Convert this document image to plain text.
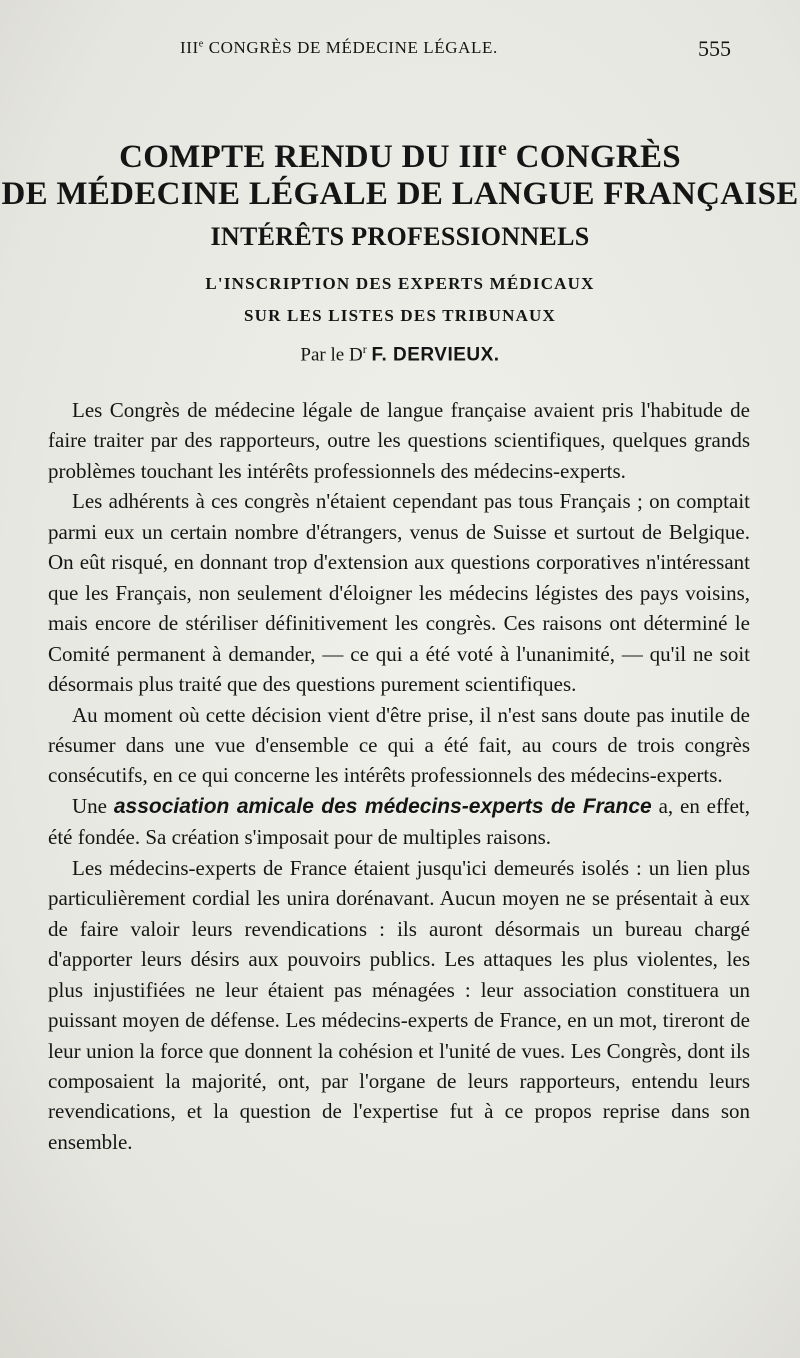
IIIe CONGRÈS DE MÉDECINE LÉGALE.	555
COMPTE RENDU DU IIIe CONGRÈS
DE MÉDECINE LÉGALE DE LANGUE FRANÇAISE
INTÉRÊTS PROFESSIONNELS
L'INSCRIPTION DES EXPERTS MÉDICAUX
SUR LES LISTES DES TRIBUNAUX
Par le $D^r$ F. DERVIEUX.

Les Congrès de médecine légale de langue française avaient pris l'habitude de faire traiter par des rapporteurs, outre les questions scientifiques, quelques grands problèmes touchant les intérêts professionnels des médecins-experts.

Les adhérents à ces congrès n'étaient cependant pas tous Français ; on comptait parmi eux un certain nombre d'étrangers, venus de Suisse et surtout de Belgique. On eût risqué, en donnant trop d'extension aux questions corporatives n'intéressant que les Français, non seulement d'éloigner les médecins légistes des pays voisins, mais encore de stériliser définitivement les congrès. Ces raisons ont déterminé le Comité permanent à demander, — ce qui a été voté à l'unanimité, — qu'il ne soit désormais plus traité que des questions purement scientifiques.

Au moment où cette décision vient d'être prise, il n'est sans doute pas inutile de résumer dans une vue d'ensemble ce qui a été fait, au cours de trois congrès consécutifs, en ce qui concerne les intérêts professionnels des médecins-experts.

Une association amicale des médecins-experts de France a, en effet, été fondée. Sa création s'imposait pour de multiples raisons.

Les médecins-experts de France étaient jusqu'ici demeurés isolés : un lien plus particulièrement cordial les unira dorénavant. Aucun moyen ne se présentait à eux de faire valoir leurs revendications : ils auront désormais un bureau chargé d'apporter leurs désirs aux pouvoirs publics. Les attaques les plus violentes, les plus injustifiées ne leur étaient pas ménagées : leur association constituera un puissant moyen de défense. Les médecins-experts de France, en un mot, tireront de leur union la force que donnent la cohésion et l'unité de vues. Les Congrès, dont ils composaient la majorité, ont, par l'organe de leurs rapporteurs, entendu leurs revendications, et la question de l'expertise fut à ce propos reprise dans son ensemble.
